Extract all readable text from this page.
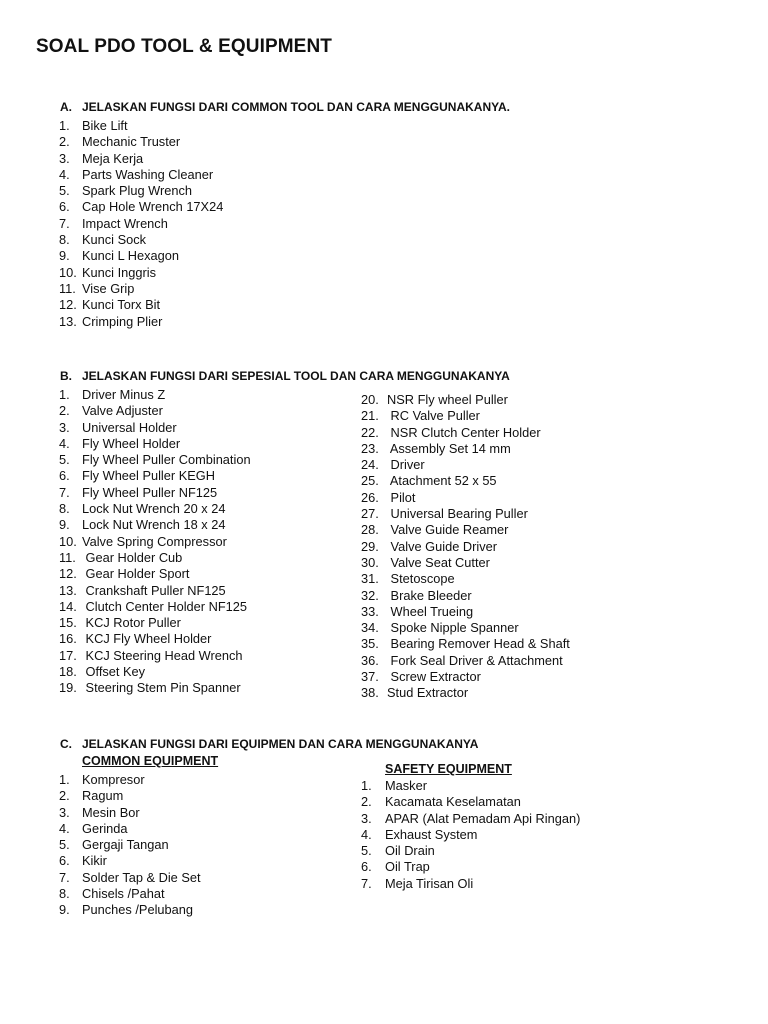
SOAL PDO TOOL & EQUIPMENT
A. JELASKAN FUNGSI DARI COMMON TOOL DAN CARA MENGGUNAKANYA.
1. Bike Lift
2. Mechanic Truster
3. Meja Kerja
4. Parts Washing Cleaner
5. Spark Plug Wrench
6. Cap Hole Wrench 17X24
7. Impact Wrench
8. Kunci Sock
9. Kunci L Hexagon
10. Kunci Inggris
11. Vise Grip
12. Kunci Torx Bit
13. Crimping Plier
B. JELASKAN FUNGSI DARI SEPESIAL TOOL DAN CARA MENGGUNAKANYA
1. Driver Minus Z
2. Valve Adjuster
3. Universal Holder
4. Fly Wheel Holder
5. Fly Wheel Puller Combination
6. Fly Wheel Puller KEGH
7. Fly Wheel Puller NF125
8. Lock Nut Wrench 20 x 24
9. Lock Nut Wrench 18 x 24
10. Valve Spring Compressor
11. Gear Holder Cub
12. Gear Holder Sport
13. Crankshaft Puller NF125
14. Clutch Center Holder NF125
15. KCJ Rotor Puller
16. KCJ Fly Wheel Holder
17. KCJ Steering Head Wrench
18. Offset Key
19. Steering Stem Pin Spanner
20. NSR Fly wheel Puller
21. RC Valve Puller
22. NSR Clutch Center Holder
23. Assembly Set 14 mm
24. Driver
25. Atachment 52 x 55
26. Pilot
27. Universal Bearing Puller
28. Valve Guide Reamer
29. Valve Guide Driver
30. Valve Seat Cutter
31. Stetoscope
32. Brake Bleeder
33. Wheel Trueing
34. Spoke Nipple Spanner
35. Bearing Remover Head & Shaft
36. Fork Seal Driver & Attachment
37. Screw Extractor
38. Stud Extractor
C. JELASKAN FUNGSI DARI EQUIPMEN DAN CARA MENGGUNAKANYA
COMMON EQUIPMENT
SAFETY EQUIPMENT
1. Kompresor
2. Ragum
3. Mesin Bor
4. Gerinda
5. Gergaji Tangan
6. Kikir
7. Solder Tap & Die Set
8. Chisels /Pahat
9. Punches /Pelubang
1. Masker
2. Kacamata Keselamatan
3. APAR (Alat Pemadam Api Ringan)
4. Exhaust System
5. Oil Drain
6. Oil Trap
7. Meja Tirisan Oli
